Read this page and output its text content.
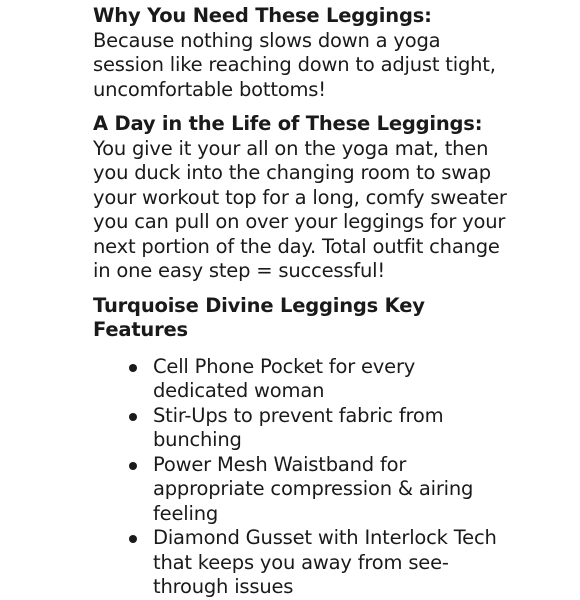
Why You Need These Leggings: Because nothing slows down a yoga session like reaching down to adjust tight, uncomfortable bottoms!

A Day in the Life of These Leggings: You give it your all on the yoga mat, then you duck into the changing room to swap your workout top for a long, comfy sweater you can pull on over your leggings for your next portion of the day. Total outfit change in one easy step = successful!

Turquoise Divine Leggings Key Features
Cell Phone Pocket for every dedicated woman
Stir-Ups to prevent fabric from bunching
Power Mesh Waistband for appropriate compression & airing feeling
Diamond Gusset with Interlock Tech that keeps you away from see-through issues
